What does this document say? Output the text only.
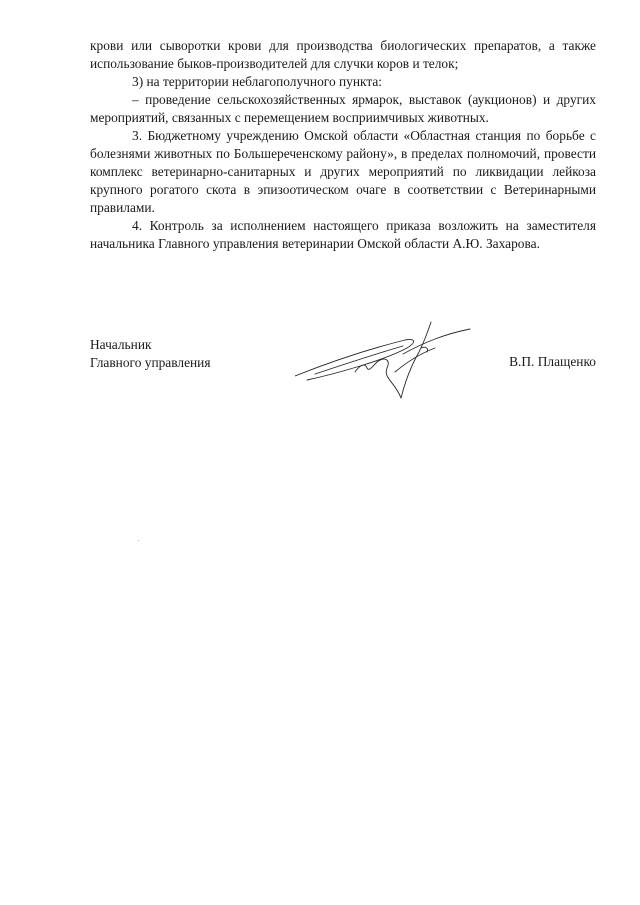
крови или сыворотки крови для производства биологических препаратов, а также использование быков-производителей для случки коров и телок;

3) на территории неблагополучного пункта:

– проведение сельскохозяйственных ярмарок, выставок (аукционов) и других мероприятий, связанных с перемещением восприимчивых животных.

3. Бюджетному учреждению Омской области «Областная станция по борьбе с болезнями животных по Большереченскому району», в пределах полномочий, провести комплекс ветеринарно-санитарных и других мероприятий по ликвидации лейкоза крупного рогатого скота в эпизоотическом очаге в соответствии с Ветеринарными правилами.

4. Контроль за исполнением настоящего приказа возложить на заместителя начальника Главного управления ветеринарии Омской области А.Ю. Захарова.

Начальник
Главного управления	В.П. Плащенко
